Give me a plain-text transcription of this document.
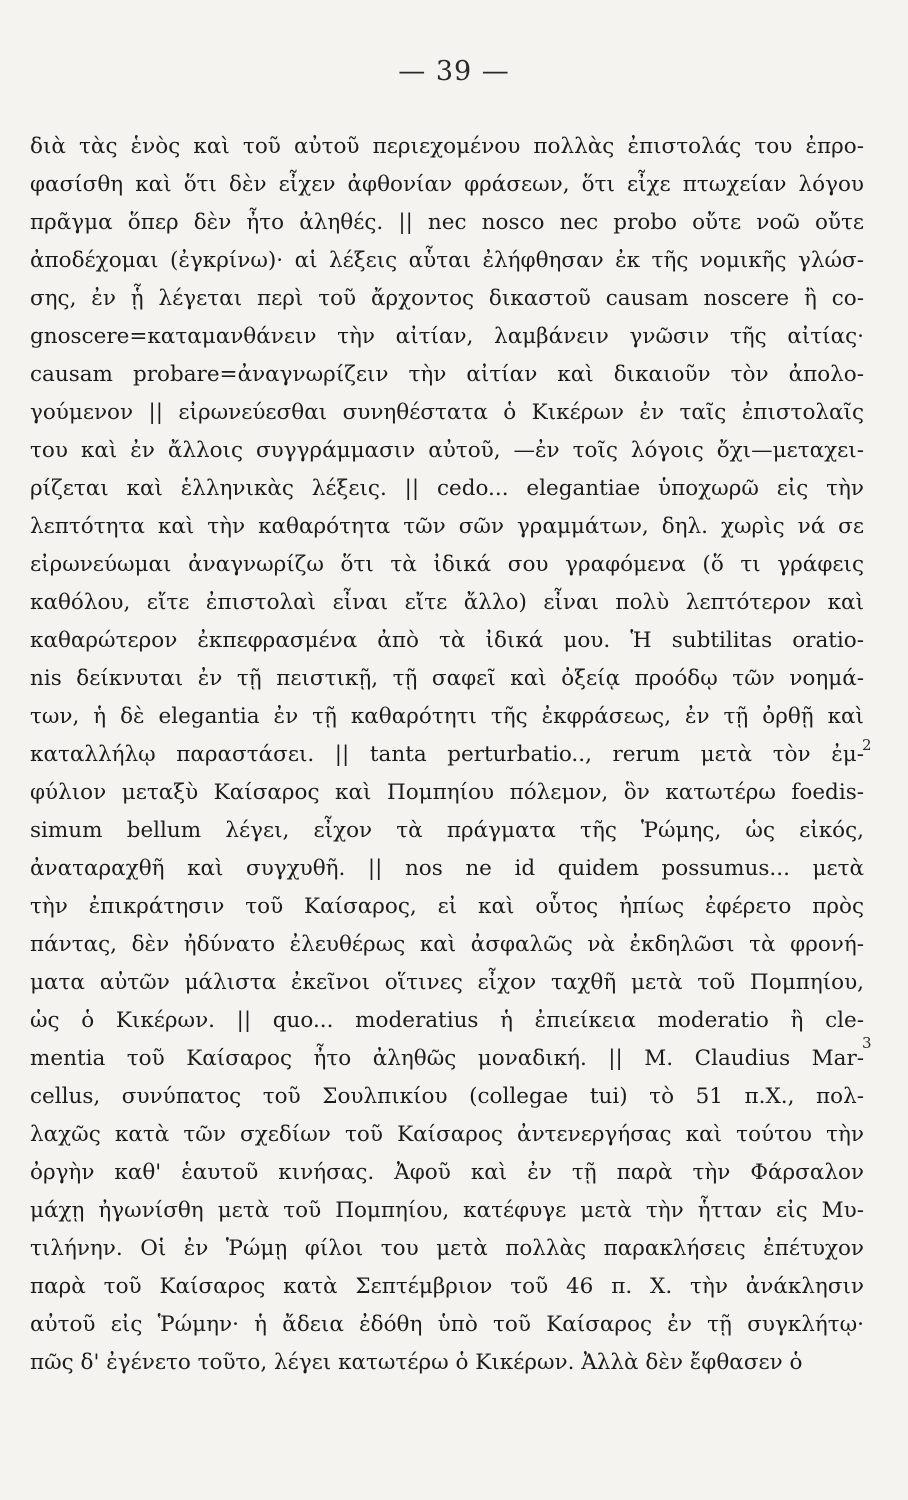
— 39 —
διὰ τὰς ἑνὸς καὶ τοῦ αὐτοῦ περιεχομένου πολλὰς ἐπιστολάς του ἐπρο-
φασίσθη καὶ ὅτι δὲν εἶχεν ἀφθονίαν φράσεων, ὅτι εἶχε πτωχείαν λόγου
πρᾶγμα ὅπερ δὲν ἦτο ἀληθές. || nec nosco nec probo οὔτε νοῶ οὔτε
ἀποδέχομαι (ἐγκρίνω)· αἱ λέξεις αὗται ἐλήφθησαν ἐκ τῆς νομικῆς γλώσ-
σης, ἐν ᾗ λέγεται περὶ τοῦ ἄρχοντος δικαστοῦ causam noscere ἢ co-
gnoscere=καταμανθάνειν τὴν αἰτίαν, λαμβάνειν γνῶσιν τῆς αἰτίας·
causam probare=ἀναγνωρίζειν τὴν αἰτίαν καὶ δικαιοῦν τὸν ἀπολο-
γούμενον || εἰρωνεύεσθαι συνηθέστατα ὁ Κικέρων ἐν ταῖς ἐπιστολαῖς
του καὶ ἐν ἄλλοις συγγράμμασιν αὐτοῦ, —ἐν τοῖς λόγοις ὄχι—μεταχει-
ρίζεται καὶ ἑλληνικὰς λέξεις. || cedo... elegantiae ὑποχωρῶ εἰς τὴν
λεπτότητα καὶ τὴν καθαρότητα τῶν σῶν γραμμάτων, δηλ. χωρὶς νά σε
εἰρωνεύωμαι ἀναγνωρίζω ὅτι τὰ ἰδικά σου γραφόμενα (ὅ τι γράφεις
καθόλου, εἴτε ἐπιστολαὶ εἶναι εἴτε ἄλλο) εἶναι πολὺ λεπτότερον καὶ
καθαρώτερον ἐκπεφρασμένα ἀπὸ τὰ ἰδικά μου. Ἡ subtilitas oratio-
nis δείκνυται ἐν τῇ πειστικῇ, τῇ σαφεῖ καὶ ὀξείᾳ προόδῳ τῶν νοημά-
των, ἡ δὲ elegantia ἐν τῇ καθαρότητι τῆς ἐκφράσεως, ἐν τῇ ὀρθῇ καὶ
καταλλήλῳ παραστάσει. || tanta perturbatio.., rerum μετὰ τὸν ἐμ-
φύλιον μεταξὺ Καίσαρος καὶ Πομπηίου πόλεμον, ὃν κατωτέρω foedis-
simum bellum λέγει, εἶχον τὰ πράγματα τῆς Ῥώμης, ὡς εἰκός,
ἀναταραχθῆ καὶ συγχυθῆ. || nos ne id quidem possumus... μετὰ
τὴν ἐπικράτησιν τοῦ Καίσαρος, εἰ καὶ οὗτος ἠπίως ἐφέρετο πρὸς
πάντας, δὲν ἠδύνατο ἐλευθέρως καὶ ἀσφαλῶς νὰ ἐκδηλῶσι τὰ φρονή-
ματα αὐτῶν μάλιστα ἐκεῖνοι οἵτινες εἶχον ταχθῆ μετὰ τοῦ Πομπηίου,
ὡς ὁ Κικέρων. || quo... moderatius ἡ ἐπιείκεια moderatio ἢ cle-
mentia τοῦ Καίσαρος ἦτο ἀληθῶς μοναδική. || M. Claudius Mar-
cellus, συνύπατος τοῦ Σουλπικίου (collegae tui) τὸ 51 π.Χ., πολ-
λαχῶς κατὰ τῶν σχεδίων τοῦ Καίσαρος ἀντενεργήσας καὶ τούτου τὴν
ὀργὴν καθ' ἑαυτοῦ κινήσας. Ἀφοῦ καὶ ἐν τῇ παρὰ τὴν Φάρσαλον
μάχῃ ἠγωνίσθη μετὰ τοῦ Πομπηίου, κατέφυγε μετὰ τὴν ἧτταν εἰς Μυ-
τιλήνην. Οἱ ἐν Ῥώμῃ φίλοι του μετὰ πολλὰς παρακλήσεις ἐπέτυχον
παρὰ τοῦ Καίσαρος κατὰ Σεπτέμβριον τοῦ 46 π. Χ. τὴν ἀνάκλησιν
αὐτοῦ εἰς Ῥώμην· ἡ ἄδεια ἐδόθη ὑπὸ τοῦ Καίσαρος ἐν τῇ συγκλήτῳ·
πῶς δ' ἐγένετο τοῦτο, λέγει κατωτέρω ὁ Κικέρων. Ἀλλὰ δὲν ἔφθασεν ὁ
2
3
